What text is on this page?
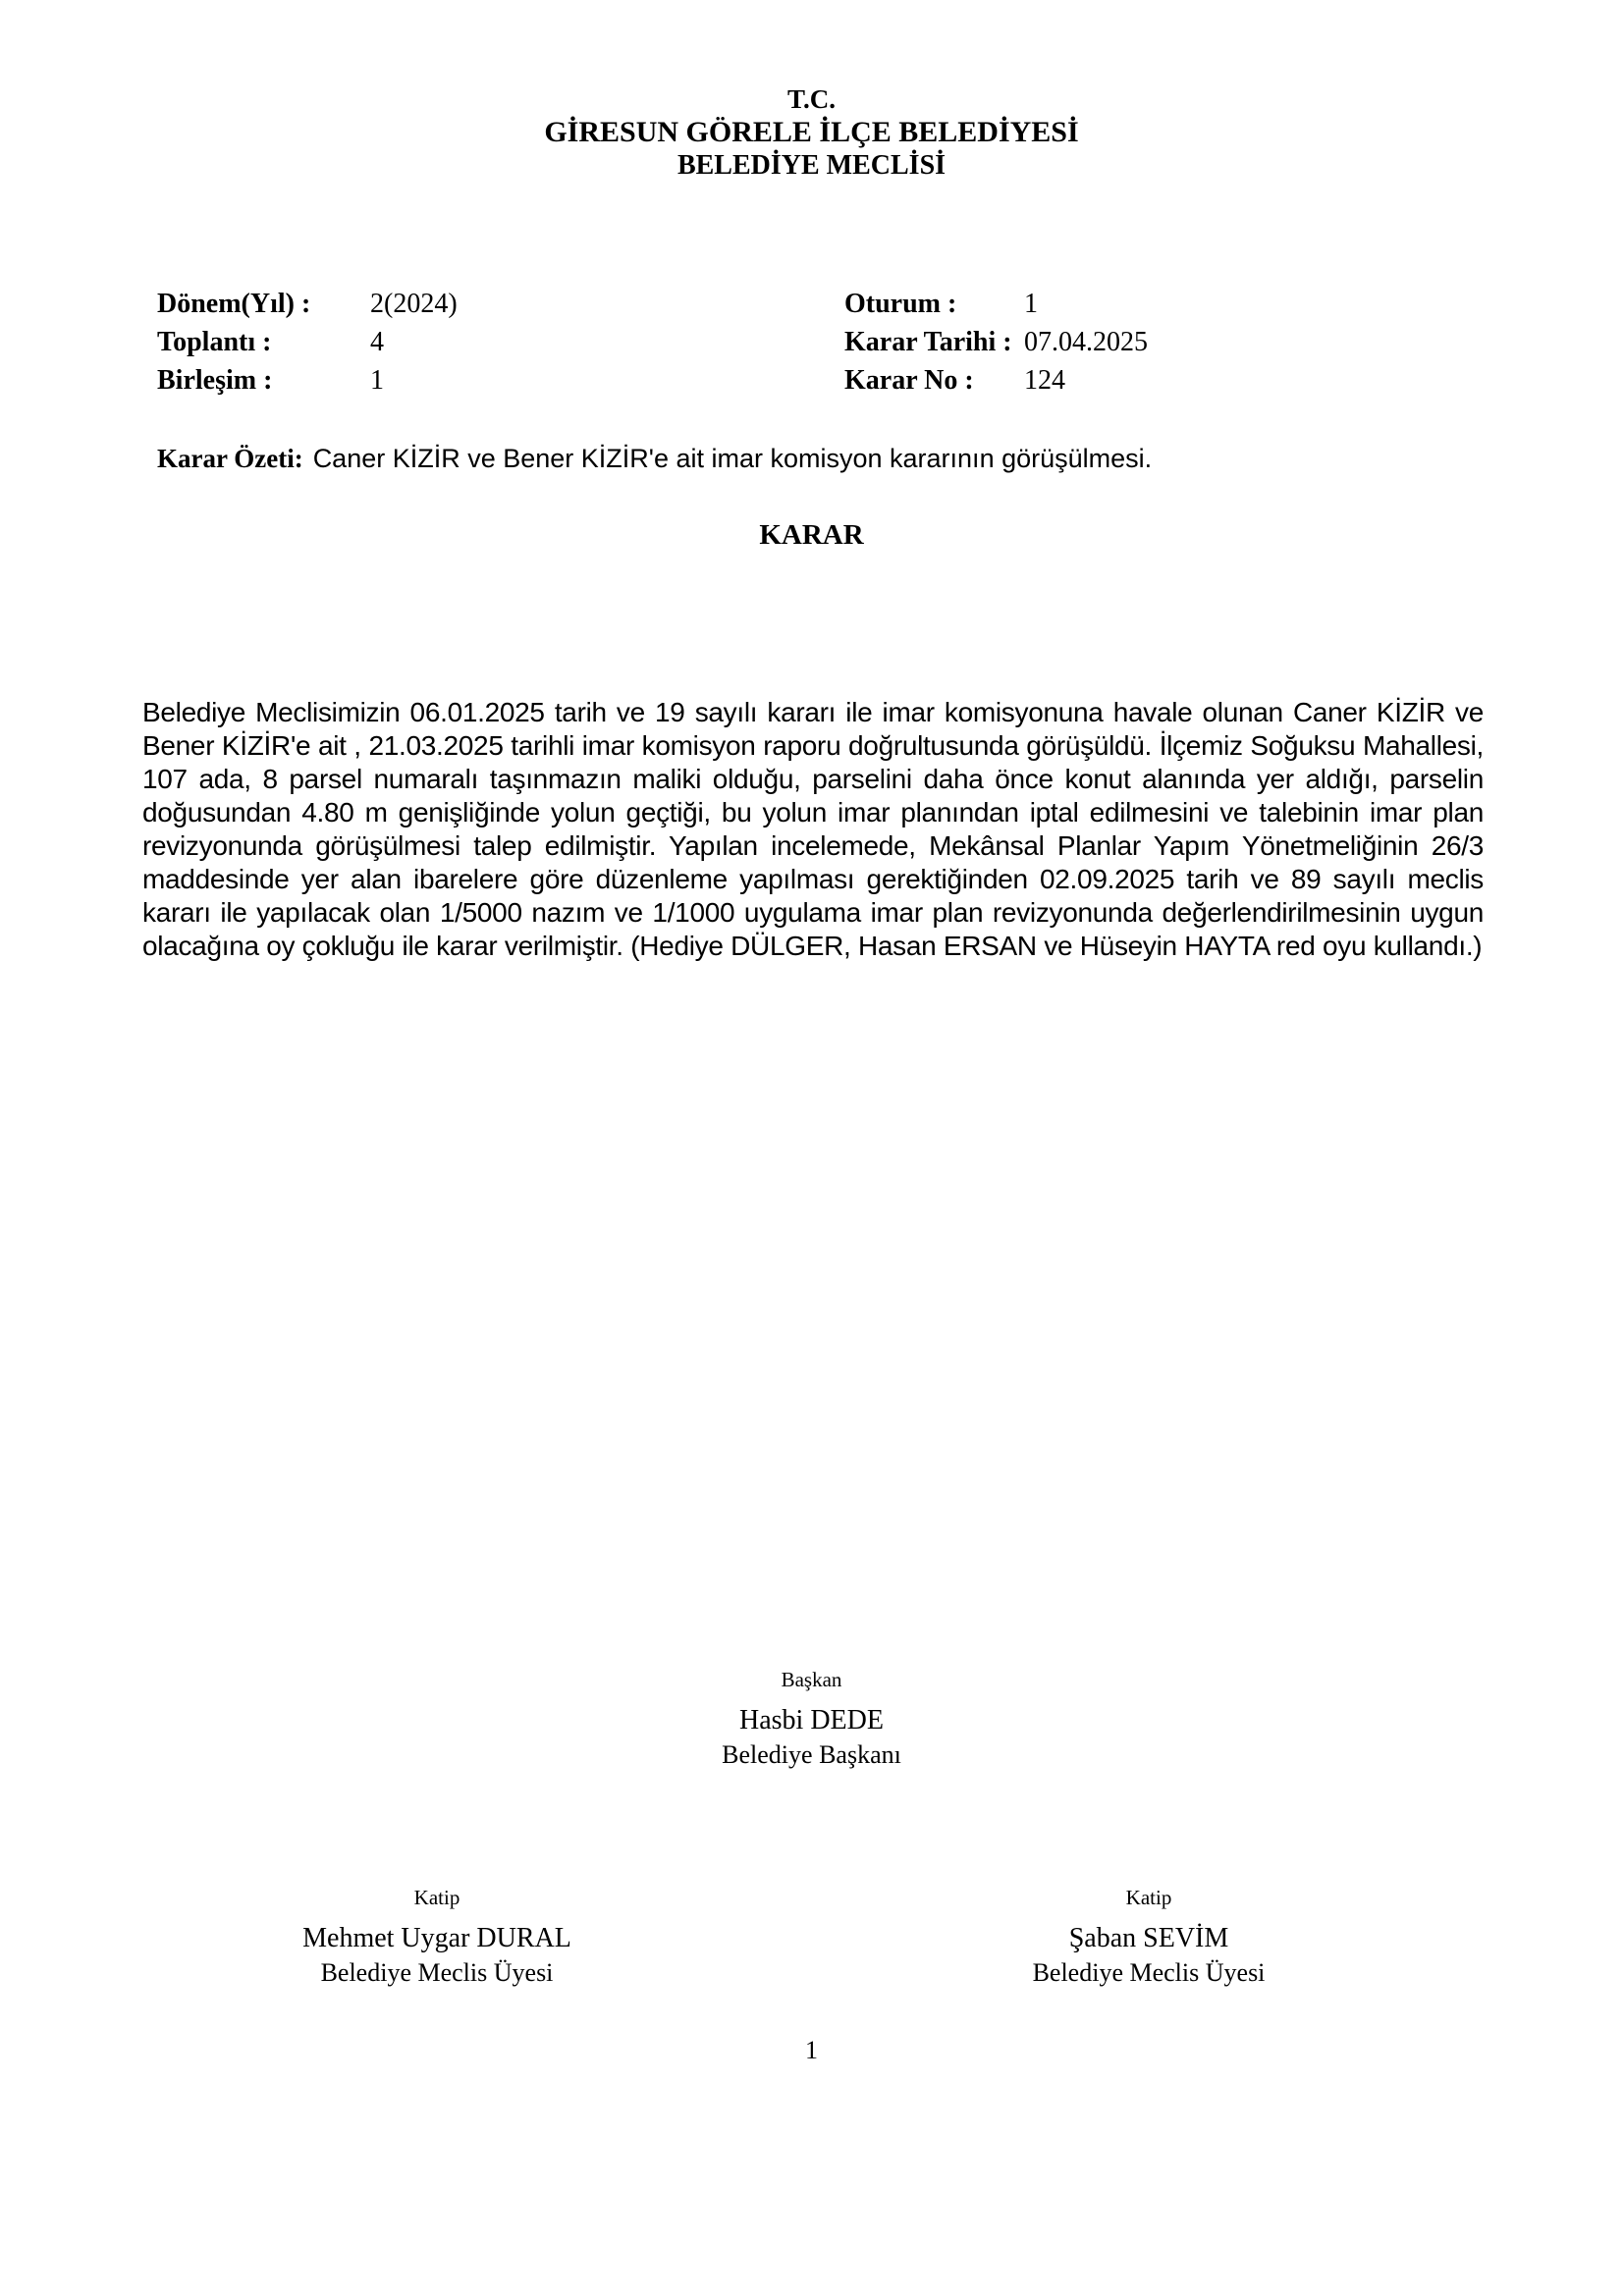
T.C.
GİRESUN GÖRELE İLÇE BELEDİYESİ
BELEDİYE MECLİSİ
Dönem(Yıl) : 2(2024)
Toplantı :	4
Birleşim :	1
Oturum : 1
Karar Tarihi : 07.04.2025
Karar No : 124
Karar Özeti: Caner KİZİR ve Bener KİZİR'e ait imar komisyon kararının görüşülmesi.
KARAR

Belediye Meclisimizin 06.01.2025 tarih ve 19 sayılı kararı ile imar komisyonuna havale olunan Caner KİZİR ve Bener KİZİR'e ait , 21.03.2025 tarihli imar komisyon raporu doğrultusunda görüşüldü. İlçemiz Soğuksu Mahallesi, 107 ada, 8 parsel numaralı taşınmazın maliki olduğu, parselini daha önce konut alanında yer aldığı, parselin doğusundan 4.80 m genişliğinde yolun geçtiği, bu yolun imar planından iptal edilmesini ve talebinin imar plan revizyonunda görüşülmesi talep edilmiştir. Yapılan incelemede, Mekânsal Planlar Yapım Yönetmeliğinin 26/3 maddesinde yer alan ibarelere göre düzenleme yapılması gerektiğinden 02.09.2025 tarih ve 89 sayılı meclis kararı ile yapılacak olan 1/5000 nazım ve 1/1000 uygulama imar plan revizyonunda değerlendirilmesinin uygun olacağına oy çokluğu ile karar verilmiştir. (Hediye DÜLGER, Hasan ERSAN ve Hüseyin HAYTA red oyu kullandı.)

Başkan
Hasbi DEDE
Belediye Başkanı
Katip
Mehmet Uygar DURAL
Belediye Meclis Üyesi
Katip
Şaban SEVİM
Belediye Meclis Üyesi
1
